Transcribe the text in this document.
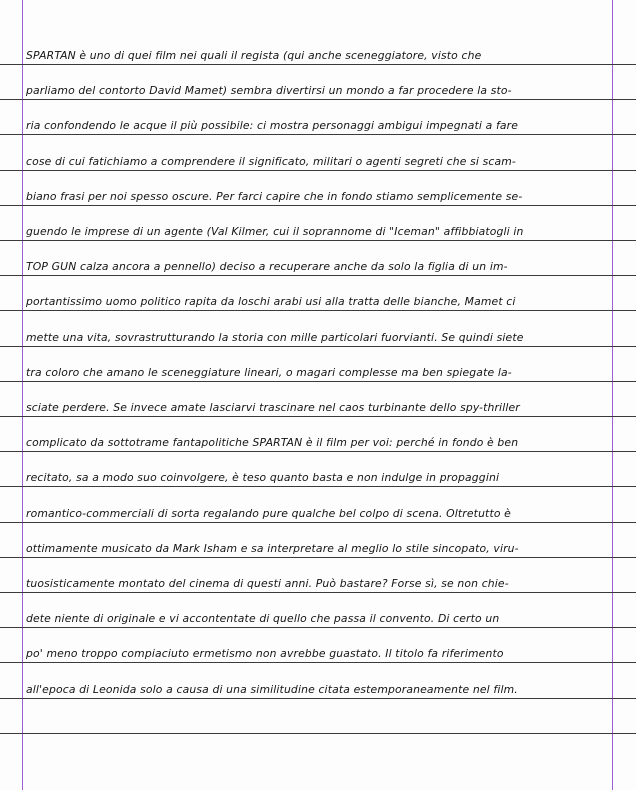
SPARTAN è uno di quei film nei quali il regista (qui anche sceneggiatore, visto che
parliamo del contorto David Mamet) sembra divertirsi un mondo a far procedere la sto-
ria confondendo le acque il più possibile: ci mostra personaggi ambigui impegnati a fare
cose di cui fatichiamo a comprendere il significato, militari o agenti segreti che si scam-
biano frasi per noi spesso oscure. Per farci capire che in fondo stiamo semplicemente se-
guendo le imprese di un agente (Val Kilmer, cui il soprannome di "Iceman" affibbiatogli in
TOP GUN calza ancora a pennello) deciso a recuperare anche da solo la figlia di un im-
portantissimo uomo politico rapita da loschi arabi usi alla tratta delle bianche, Mamet ci
mette una vita, sovrastrutturando la storia con mille particolari fuorvianti. Se quindi siete
tra coloro che amano le sceneggiature lineari, o magari complesse ma ben spiegate la-
sciate perdere. Se invece amate lasciarvi trascinare nel caos turbinante dello spy-thriller
complicato da sottotrame fantapolitiche SPARTAN è il film per voi: perché in fondo è ben
recitato, sa a modo suo coinvolgere, è teso quanto basta e non indulge in propaggini
romantico-commerciali di sorta regalando pure qualche bel colpo di scena. Oltretutto è
ottimamente musicato da Mark Isham e sa interpretare al meglio lo stile sincopato, viru-
tuosisticamente montato del cinema di questi anni. Può bastare? Forse sì, se non chie-
dete niente di originale e vi accontentate di quello che passa il convento. Di certo un
po' meno troppo compiaciuto ermetismo non avrebbe guastato. Il titolo fa riferimento
all'epoca di Leonida solo a causa di una similitudine citata estemporaneamente nel film.
